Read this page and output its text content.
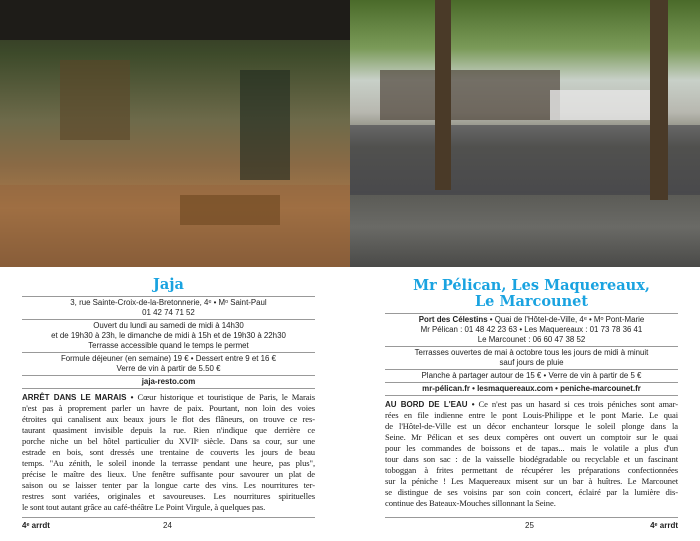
Jaja
3, rue Sainte-Croix-de-la-Bretonnerie, 4ᵉ • Mᵒ Saint-Paul
01 42 74 71 52
Ouvert du lundi au samedi de midi à 14h30
et de 19h30 à 23h, le dimanche de midi à 15h et de 19h30 à 22h30
Terrasse accessible quand le temps le permet
Formule déjeuner (en semaine) 19 € • Dessert entre 9 et 16 €
Verre de vin à partir de 5.50 €
jaja-resto.com
ARRÊT DANS LE MARAIS • Cœur historique et touristique de Paris, le Marais
n'est pas à proprement parler un havre de paix. Pourtant, non loin des voies
étroites qui canalisent aux beaux jours le flot des flâneurs, on trouve ce res-
taurant quasiment invisible depuis la rue. Rien n'indique que derrière ce
porche niche un bel hôtel particulier du XVIIᵉ siècle. Dans sa cour, sur une
estrade en bois, sont dressés une trentaine de couverts les jours de beau
temps. "Au zénith, le soleil inonde la terrasse pendant une heure, pas plus",
précise le maître des lieux. Une fenêtre suffisante pour savourer un plat de
saison ou se laisser tenter par la longue carte des vins. Les nourritures ter-
restres sont variées, originales et savoureuses. Les nourritures spirituelles
le sont tout autant grâce au café-théâtre Le Point Virgule, à quelques pas.
4ᵉ arrdt	24
Mr Pélican, Les Maquereaux,
Le Marcounet
Port des Célestins • Quai de l'Hôtel-de-Ville, 4ᵉ • Mᵒ Pont-Marie
Mr Pélican : 01 48 42 23 63 • Les Maquereaux : 01 73 78 36 41
Le Marcounet : 06 60 47 38 52
Terrasses ouvertes de mai à octobre tous les jours de midi à minuit
sauf jours de pluie
Planche à partager autour de 15 € • Verre de vin à partir de 5 €
mr-pélican.fr • lesmaquereaux.com • peniche-marcounet.fr
AU BORD DE L'EAU • Ce n'est pas un hasard si ces trois péniches sont amar-
rées en file indienne entre le pont Louis-Philippe et le pont Marie. Le quai
de l'Hôtel-de-Ville est un décor enchanteur lorsque le soleil plonge dans la
Seine. Mr Pélican et ses deux compères ont ouvert un comptoir sur le quai
pour les commandes de boissons et de tapas... mais le volatile a plus d'un
tour dans son sac : de la vaisselle biodégradable ou recyclable et un fascinant
toboggan à frites permettant de récupérer les préparations confectionnées
sur la péniche ! Les Maquereaux misent sur un bar à huîtres. Le Marcounet
se distingue de ses voisins par son coin concert, éclairé par la lumière dis-
continue des Bateaux-Mouches sillonnant la Seine.
25	4ᵉ arrdt
